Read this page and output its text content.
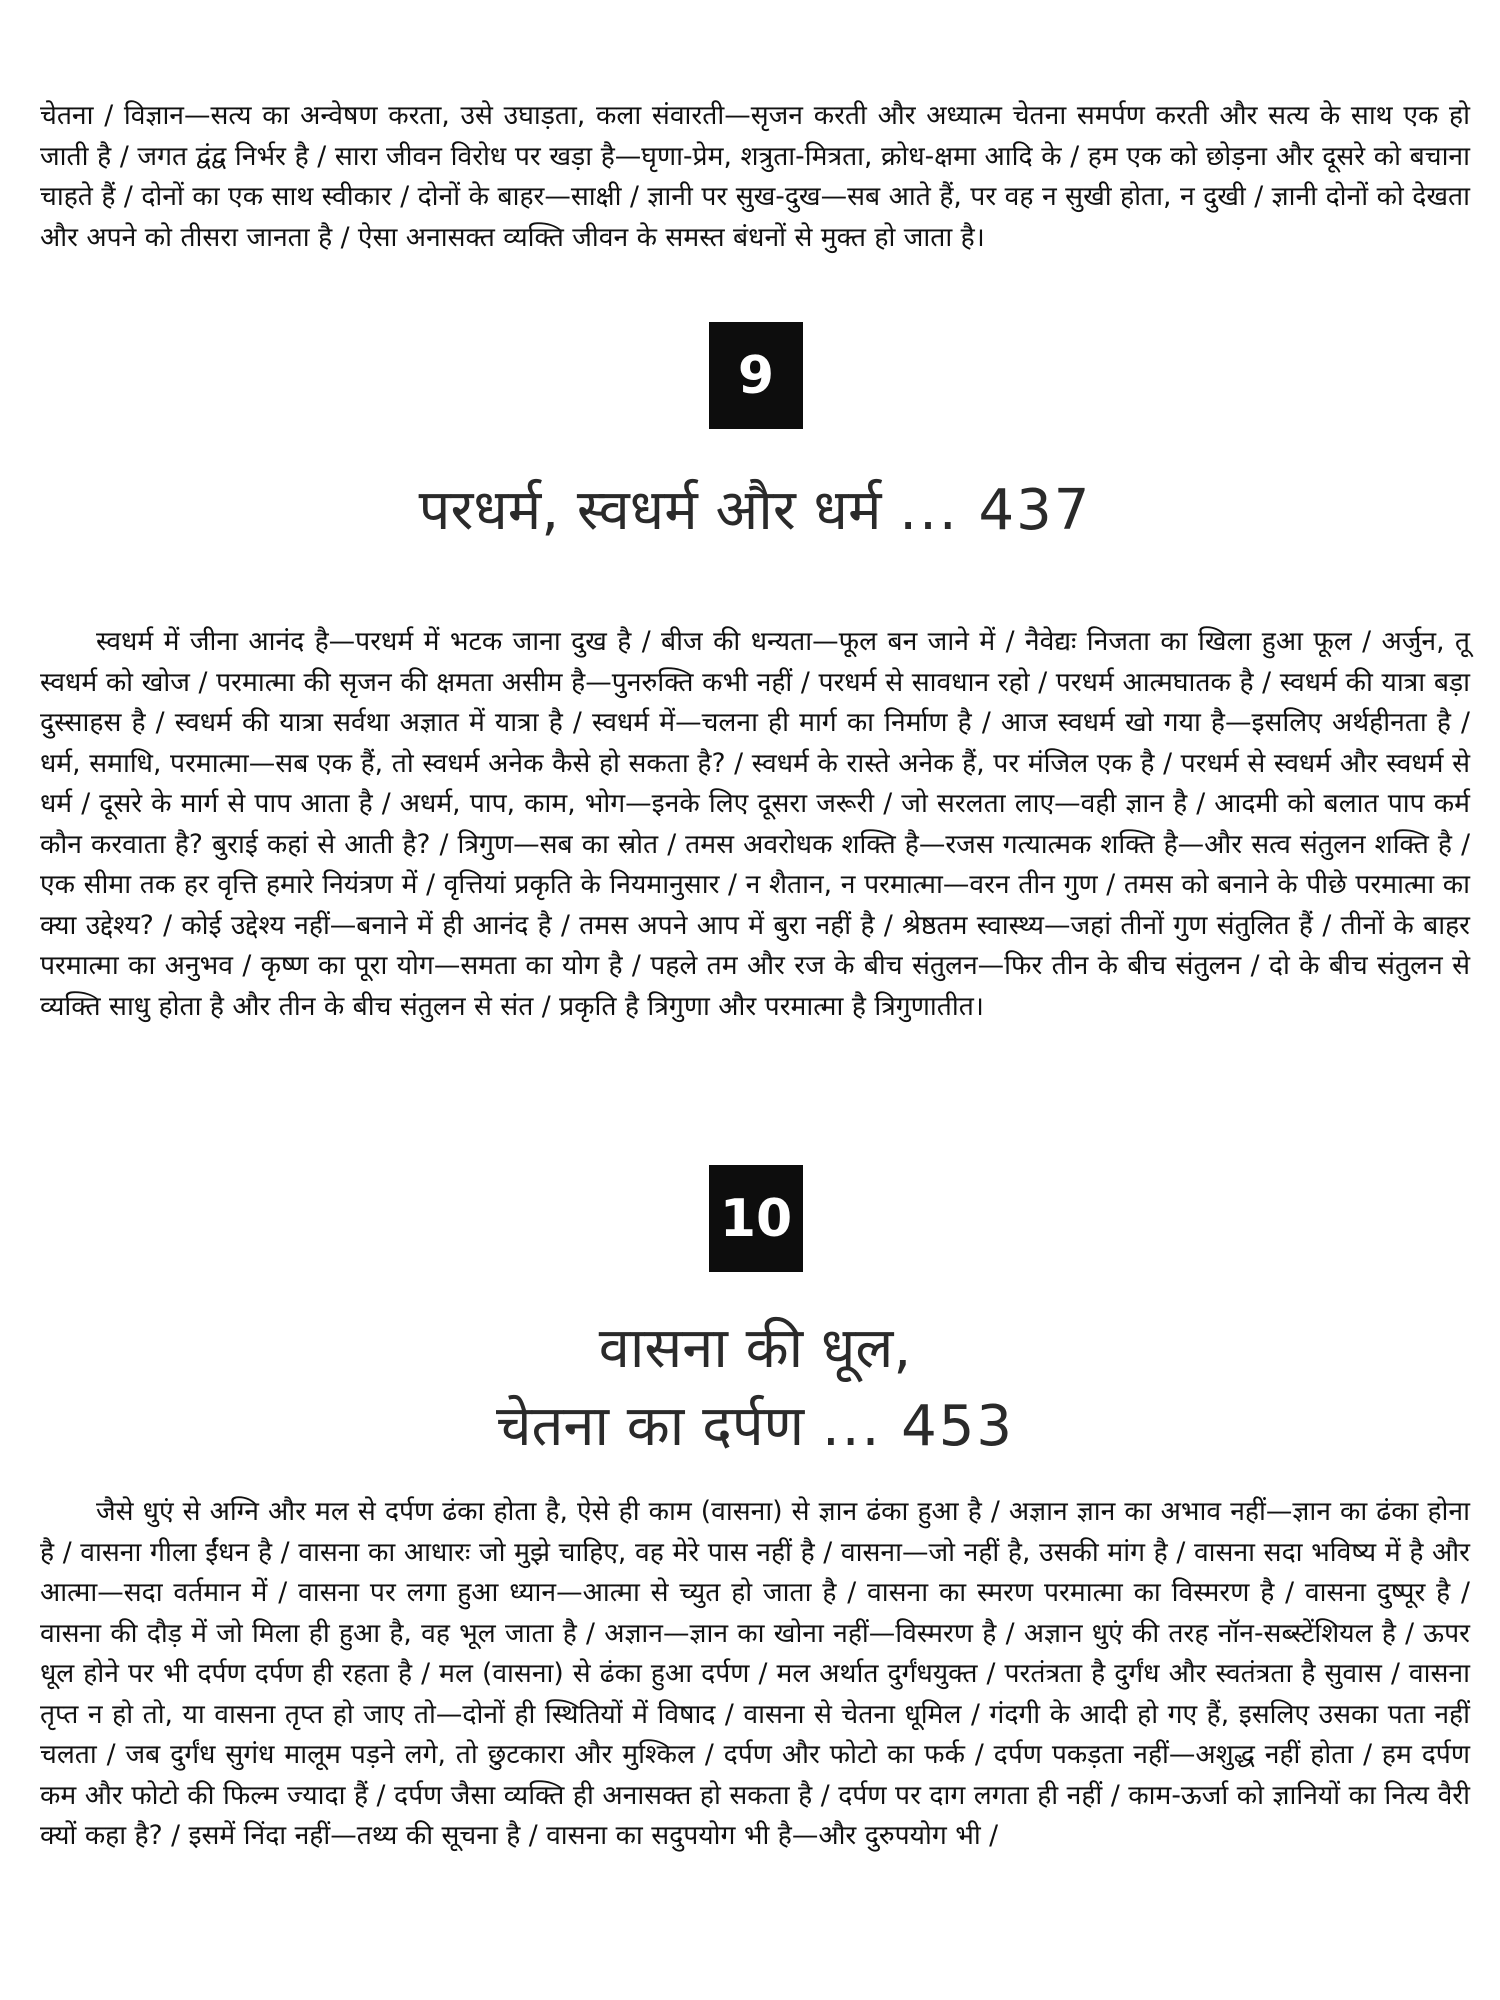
चेतना / विज्ञान—सत्य का अन्वेषण करता, उसे उघाड़ता, कला संवारती—सृजन करती और अध्यात्म चेतना समर्पण करती और सत्य के साथ एक हो जाती है / जगत द्वंद्व निर्भर है / सारा जीवन विरोध पर खड़ा है—घृणा-प्रेम, शत्रुता-मित्रता, क्रोध-क्षमा आदि के / हम एक को छोड़ना और दूसरे को बचाना चाहते हैं / दोनों का एक साथ स्वीकार / दोनों के बाहर—साक्षी / ज्ञानी पर सुख-दुख—सब आते हैं, पर वह न सुखी होता, न दुखी / ज्ञानी दोनों को देखता और अपने को तीसरा जानता है / ऐसा अनासक्त व्यक्ति जीवन के समस्त बंधनों से मुक्त हो जाता है।

9
परधर्म, स्वधर्म और धर्म ... 437

स्वधर्म में जीना आनंद है—परधर्म में भटक जाना दुख है / बीज की धन्यता—फूल बन जाने में / नैवेद्यः निजता का खिला हुआ फूल / अर्जुन, तू स्वधर्म को खोज / परमात्मा की सृजन की क्षमता असीम है—पुनरुक्ति कभी नहीं / परधर्म से सावधान रहो / परधर्म आत्मघातक है / स्वधर्म की यात्रा बड़ा दुस्साहस है / स्वधर्म की यात्रा सर्वथा अज्ञात में यात्रा है / स्वधर्म में—चलना ही मार्ग का निर्माण है / आज स्वधर्म खो गया है—इसलिए अर्थहीनता है / धर्म, समाधि, परमात्मा—सब एक हैं, तो स्वधर्म अनेक कैसे हो सकता है? / स्वधर्म के रास्ते अनेक हैं, पर मंजिल एक है / परधर्म से स्वधर्म और स्वधर्म से धर्म / दूसरे के मार्ग से पाप आता है / अधर्म, पाप, काम, भोग—इनके लिए दूसरा जरूरी / जो सरलता लाए—वही ज्ञान है / आदमी को बलात पाप कर्म कौन करवाता है? बुराई कहां से आती है? / त्रिगुण—सब का स्रोत / तमस अवरोधक शक्ति है—रजस गत्यात्मक शक्ति है—और सत्व संतुलन शक्ति है / एक सीमा तक हर वृत्ति हमारे नियंत्रण में / वृत्तियां प्रकृति के नियमानुसार / न शैतान, न परमात्मा—वरन तीन गुण / तमस को बनाने के पीछे परमात्मा का क्या उद्देश्य? / कोई उद्देश्य नहीं—बनाने में ही आनंद है / तमस अपने आप में बुरा नहीं है / श्रेष्ठतम स्वास्थ्य—जहां तीनों गुण संतुलित हैं / तीनों के बाहर परमात्मा का अनुभव / कृष्ण का पूरा योग—समता का योग है / पहले तम और रज के बीच संतुलन—फिर तीन के बीच संतुलन / दो के बीच संतुलन से व्यक्ति साधु होता है और तीन के बीच संतुलन से संत / प्रकृति है त्रिगुणा और परमात्मा है त्रिगुणातीत।

10
वासना की धूल,
चेतना का दर्पण ... 453

जैसे धुएं से अग्नि और मल से दर्पण ढंका होता है, ऐसे ही काम (वासना) से ज्ञान ढंका हुआ है / अज्ञान ज्ञान का अभाव नहीं—ज्ञान का ढंका होना है / वासना गीला ईंधन है / वासना का आधारः जो मुझे चाहिए, वह मेरे पास नहीं है / वासना—जो नहीं है, उसकी मांग है / वासना सदा भविष्य में है और आत्मा—सदा वर्तमान में / वासना पर लगा हुआ ध्यान—आत्मा से च्युत हो जाता है / वासना का स्मरण परमात्मा का विस्मरण है / वासना दुष्पूर है / वासना की दौड़ में जो मिला ही हुआ है, वह भूल जाता है / अज्ञान—ज्ञान का खोना नहीं—विस्मरण है / अज्ञान धुएं की तरह नॉन-सब्स्टेंशियल है / ऊपर धूल होने पर भी दर्पण दर्पण ही रहता है / मल (वासना) से ढंका हुआ दर्पण / मल अर्थात दुर्गंधयुक्त / परतंत्रता है दुर्गंध और स्वतंत्रता है सुवास / वासना तृप्त न हो तो, या वासना तृप्त हो जाए तो—दोनों ही स्थितियों में विषाद / वासना से चेतना धूमिल / गंदगी के आदी हो गए हैं, इसलिए उसका पता नहीं चलता / जब दुर्गंध सुगंध मालूम पड़ने लगे, तो छुटकारा और मुश्किल / दर्पण और फोटो का फर्क / दर्पण पकड़ता नहीं—अशुद्ध नहीं होता / हम दर्पण कम और फोटो की फिल्म ज्यादा हैं / दर्पण जैसा व्यक्ति ही अनासक्त हो सकता है / दर्पण पर दाग लगता ही नहीं / काम-ऊर्जा को ज्ञानियों का नित्य वैरी क्यों कहा है? / इसमें निंदा नहीं—तथ्य की सूचना है / वासना का सदुपयोग भी है—और दुरुपयोग भी /
